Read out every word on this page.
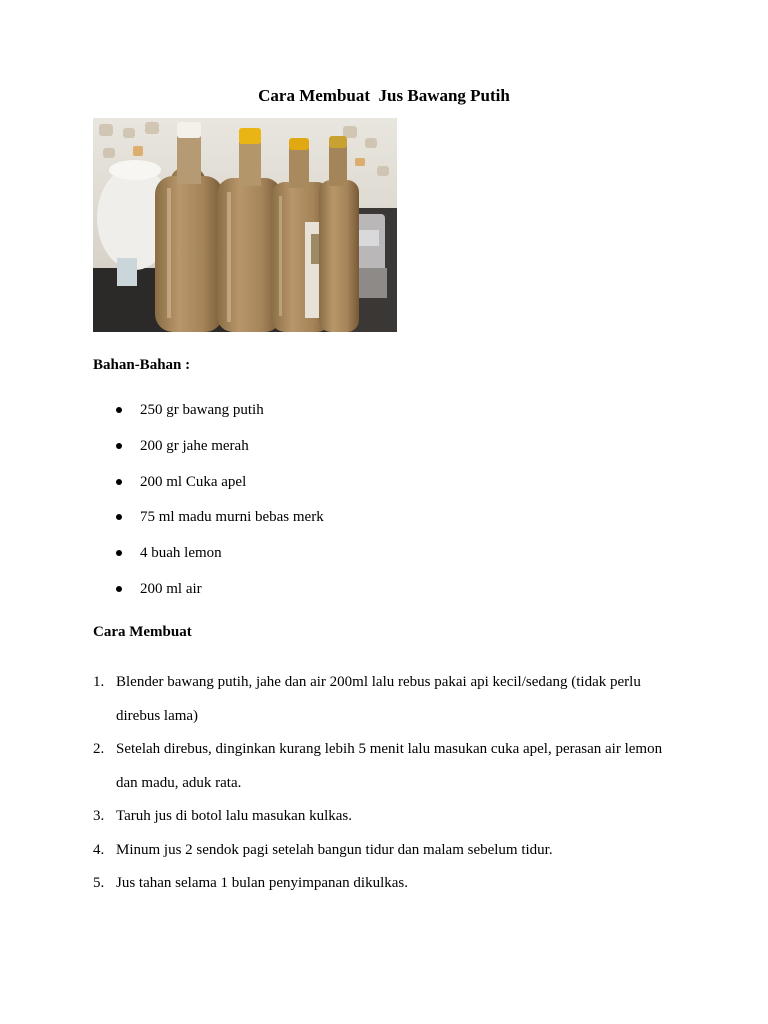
Cara Membuat  Jus Bawang Putih
Bahan-Bahan :
250 gr bawang putih
200 gr jahe merah
200 ml Cuka apel
75 ml madu murni bebas merk
4 buah lemon
200 ml air
Cara Membuat
1. Blender bawang putih, jahe dan air 200ml lalu rebus pakai api kecil/sedang (tidak perlu direbus lama)
2. Setelah direbus, dinginkan kurang lebih 5 menit lalu masukan cuka apel, perasan air lemon dan madu, aduk rata.
3. Taruh jus di botol lalu masukan kulkas.
4. Minum jus 2 sendok pagi setelah bangun tidur dan malam sebelum tidur.
5. Jus tahan selama 1 bulan penyimpanan dikulkas.
